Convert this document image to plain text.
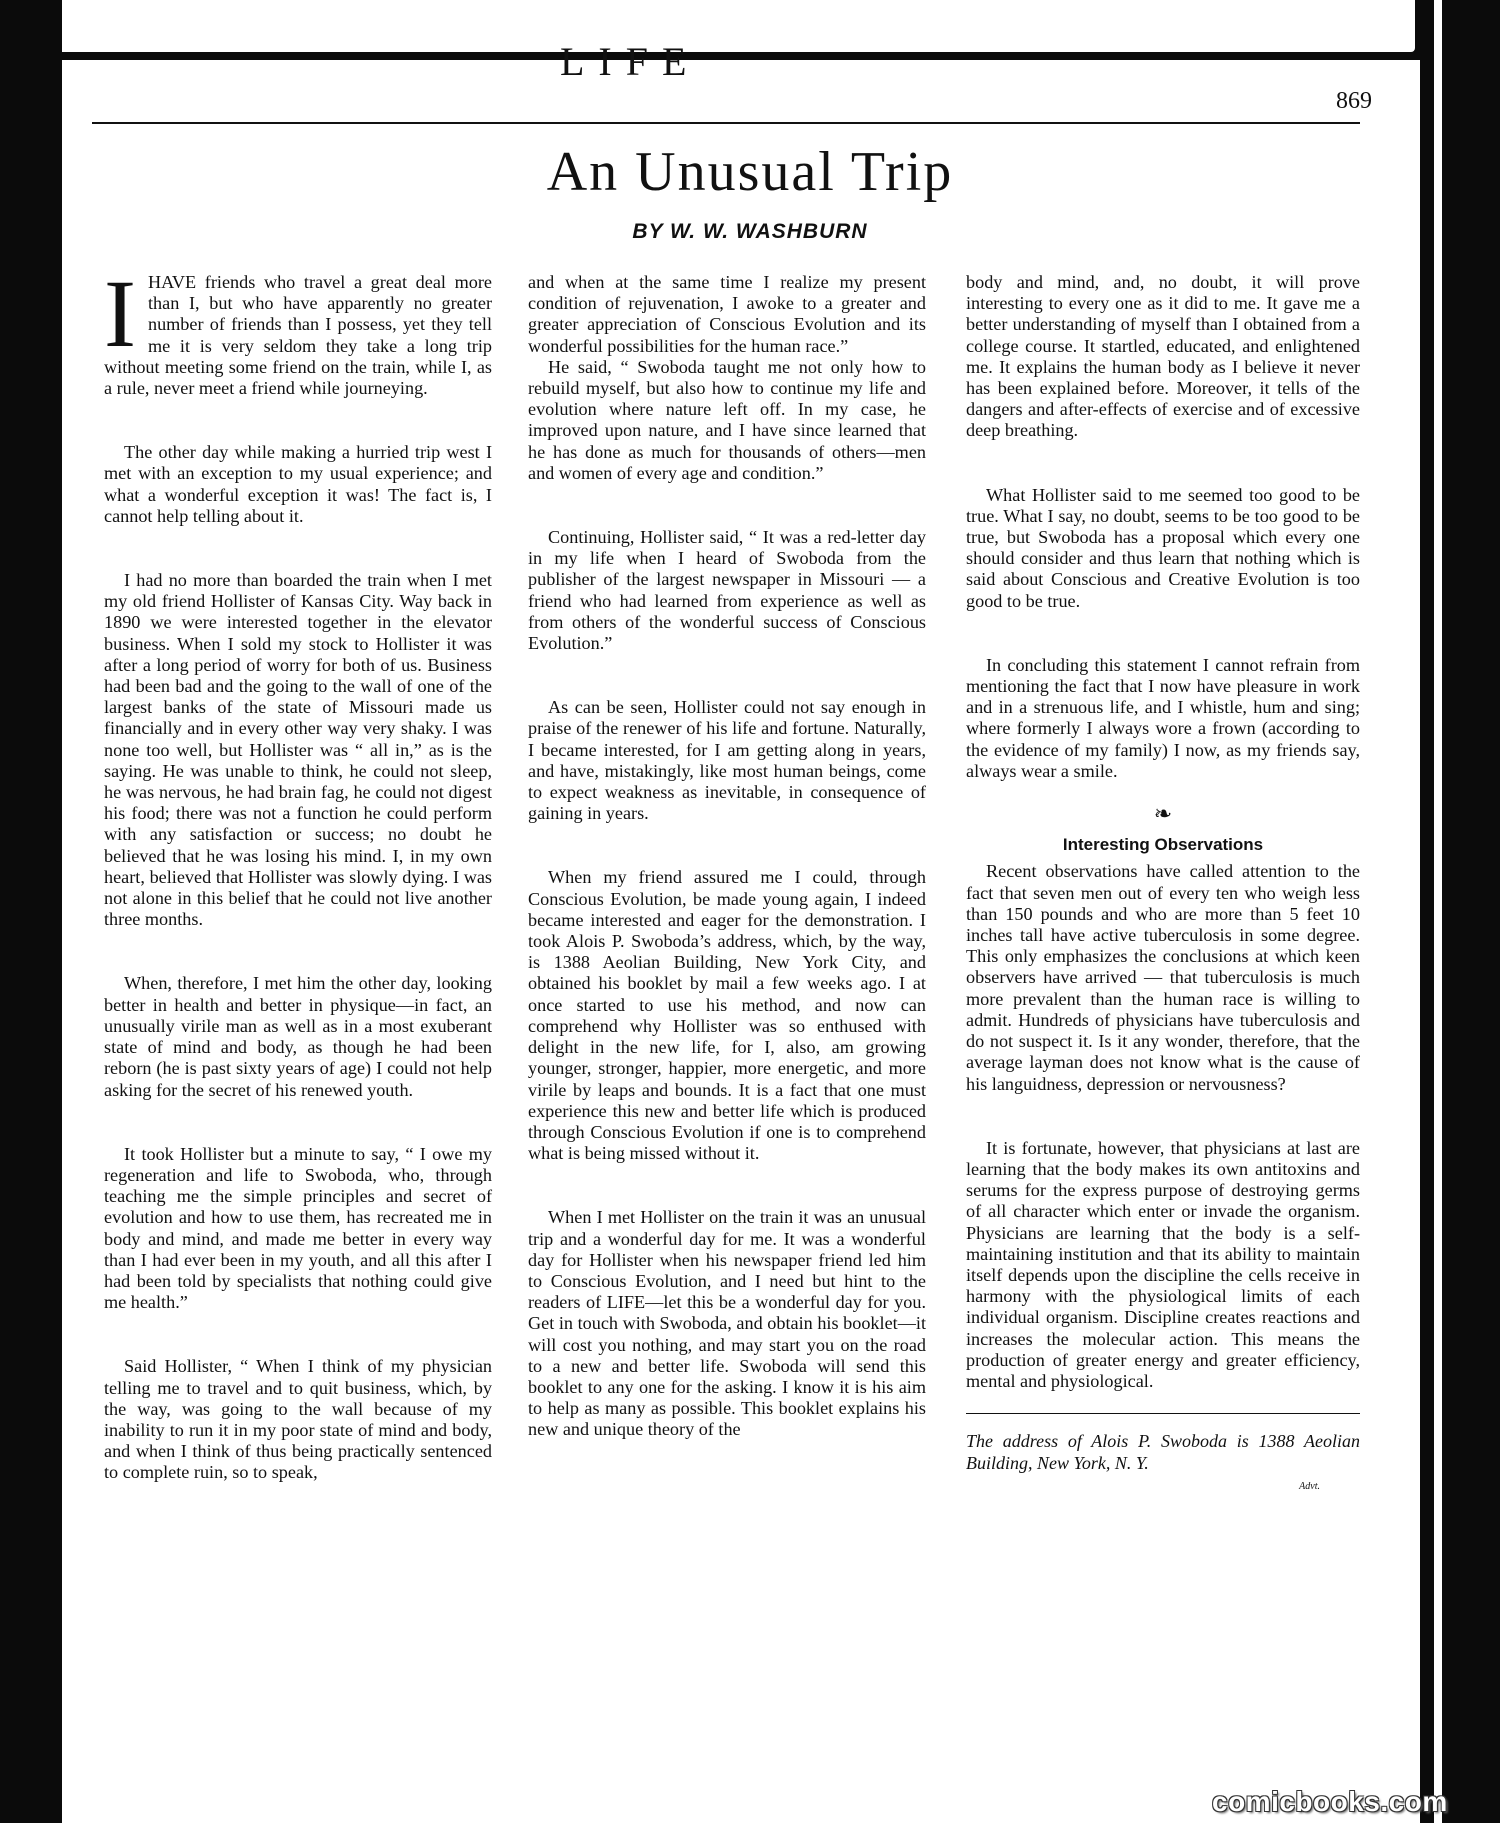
LIFE
869
An Unusual Trip
BY W. W. WASHBURN

IHAVE friends who travel a great deal more than I, but who have apparently no greater number of friends than I possess, yet they tell me it is very seldom they take a long trip without meeting some friend on the train, while I, as a rule, never meet a friend while journeying.

The other day while making a hurried trip west I met with an exception to my usual experience; and what a wonderful exception it was! The fact is, I cannot help telling about it.

I had no more than boarded the train when I met my old friend Hollister of Kansas City. Way back in 1890 we were interested together in the elevator business. When I sold my stock to Hollister it was after a long period of worry for both of us. Business had been bad and the going to the wall of one of the largest banks of the state of Missouri made us financially and in every other way very shaky. I was none too well, but Hollister was “ all in,” as is the saying. He was unable to think, he could not sleep, he was nervous, he had brain fag, he could not digest his food; there was not a function he could perform with any satisfaction or success; no doubt he believed that he was losing his mind. I, in my own heart, believed that Hollister was slowly dying. I was not alone in this belief that he could not live another three months.

When, therefore, I met him the other day, looking better in health and better in physique—in fact, an unusually virile man as well as in a most exuberant state of mind and body, as though he had been reborn (he is past sixty years of age) I could not help asking for the secret of his renewed youth.

It took Hollister but a minute to say, “ I owe my regeneration and life to Swoboda, who, through teaching me the simple principles and secret of evolution and how to use them, has recreated me in body and mind, and made me better in every way than I had ever been in my youth, and all this after I had been told by specialists that nothing could give me health.”

Said Hollister, “ When I think of my physician telling me to travel and to quit business, which, by the way, was going to the wall because of my inability to run it in my poor state of mind and body, and when I think of thus being practically sentenced to complete ruin, so to speak,

and when at the same time I realize my present condition of rejuvenation, I awoke to a greater and greater appreciation of Conscious Evolution and its wonderful possibilities for the human race.”

He said, “ Swoboda taught me not only how to rebuild myself, but also how to continue my life and evolution where nature left off. In my case, he improved upon nature, and I have since learned that he has done as much for thousands of others—men and women of every age and condition.”

Continuing, Hollister said, “ It was a red-letter day in my life when I heard of Swoboda from the publisher of the largest newspaper in Missouri — a friend who had learned from experience as well as from others of the wonderful success of Conscious Evolution.”

As can be seen, Hollister could not say enough in praise of the renewer of his life and fortune. Naturally, I became interested, for I am getting along in years, and have, mistakingly, like most human beings, come to expect weakness as inevitable, in consequence of gaining in years.

When my friend assured me I could, through Conscious Evolution, be made young again, I indeed became interested and eager for the demonstration. I took Alois P. Swoboda’s address, which, by the way, is 1388 Aeolian Building, New York City, and obtained his booklet by mail a few weeks ago. I at once started to use his method, and now can comprehend why Hollister was so enthused with delight in the new life, for I, also, am growing younger, stronger, happier, more energetic, and more virile by leaps and bounds. It is a fact that one must experience this new and better life which is produced through Conscious Evolution if one is to comprehend what is being missed without it.

When I met Hollister on the train it was an unusual trip and a wonderful day for me. It was a wonderful day for Hollister when his newspaper friend led him to Conscious Evolution, and I need but hint to the readers of LIFE—let this be a wonderful day for you. Get in touch with Swoboda, and obtain his booklet—it will cost you nothing, and may start you on the road to a new and better life. Swoboda will send this booklet to any one for the asking. I know it is his aim to help as many as possible. This booklet explains his new and unique theory of the

body and mind, and, no doubt, it will prove interesting to every one as it did to me. It gave me a better understanding of myself than I obtained from a college course. It startled, educated, and enlightened me. It explains the human body as I believe it never has been explained before. Moreover, it tells of the dangers and after-effects of exercise and of excessive deep breathing.

What Hollister said to me seemed too good to be true. What I say, no doubt, seems to be too good to be true, but Swoboda has a proposal which every one should consider and thus learn that nothing which is said about Conscious and Creative Evolution is too good to be true.

In concluding this statement I cannot refrain from mentioning the fact that I now have pleasure in work and in a strenuous life, and I whistle, hum and sing; where formerly I always wore a frown (according to the evidence of my family) I now, as my friends say, always wear a smile.

❧
Interesting Observations

Recent observations have called attention to the fact that seven men out of every ten who weigh less than 150 pounds and who are more than 5 feet 10 inches tall have active tuberculosis in some degree. This only emphasizes the conclusions at which keen observers have arrived — that tuberculosis is much more prevalent than the human race is willing to admit. Hundreds of physicians have tuberculosis and do not suspect it. Is it any wonder, therefore, that the average layman does not know what is the cause of his languidness, depression or nervousness?

It is fortunate, however, that physicians at last are learning that the body makes its own antitoxins and serums for the express purpose of destroying germs of all character which enter or invade the organism. Physicians are learning that the body is a self-maintaining institution and that its ability to maintain itself depends upon the discipline the cells receive in harmony with the physiological limits of each individual organism. Discipline creates reactions and increases the molecular action. This means the production of greater energy and greater efficiency, mental and physiological.

The address of Alois P. Swoboda is 1388 Aeolian Building, New York, N. Y.

Advt.
comicbooks.com
